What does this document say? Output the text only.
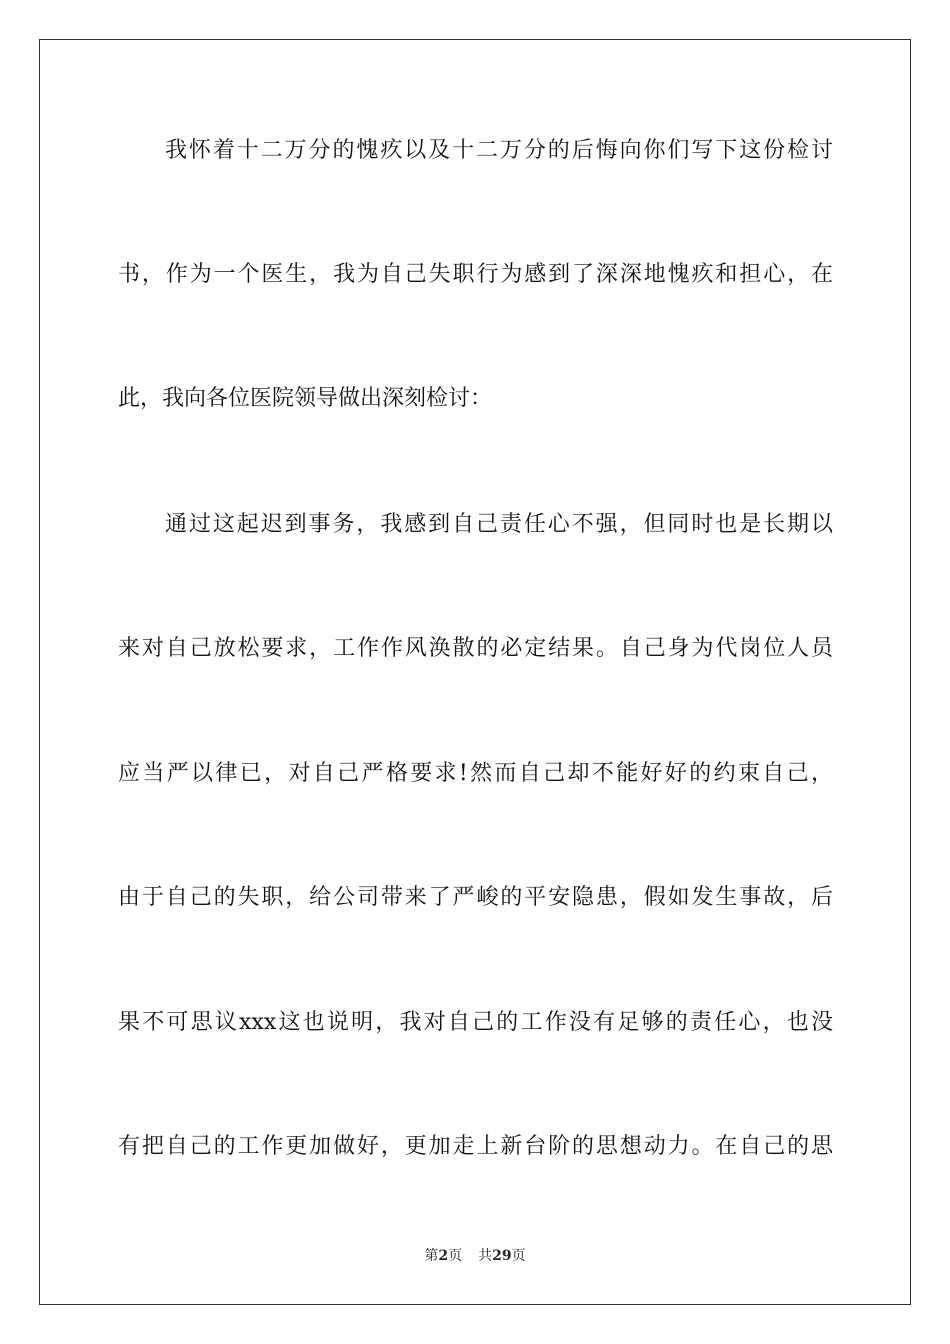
我怀着十二万分的愧疚以及十二万分的后悔向你们写下这份检讨
书，作为一个医生，我为自己失职行为感到了深深地愧疚和担心，在
此，我向各位医院领导做出深刻检讨：
通过这起迟到事务，我感到自己责任心不强，但同时也是长期以
来对自己放松要求，工作作风涣散的必定结果。自己身为代岗位人员
应当严以律已，对自己严格要求!然而自己却不能好好的约束自己，
由于自己的失职，给公司带来了严峻的平安隐患，假如发生事故，后
果不可思议xxx这也说明，我对自己的工作没有足够的责任心，也没
有把自己的工作更加做好，更加走上新台阶的思想动力。在自己的思
第2页 共29页
